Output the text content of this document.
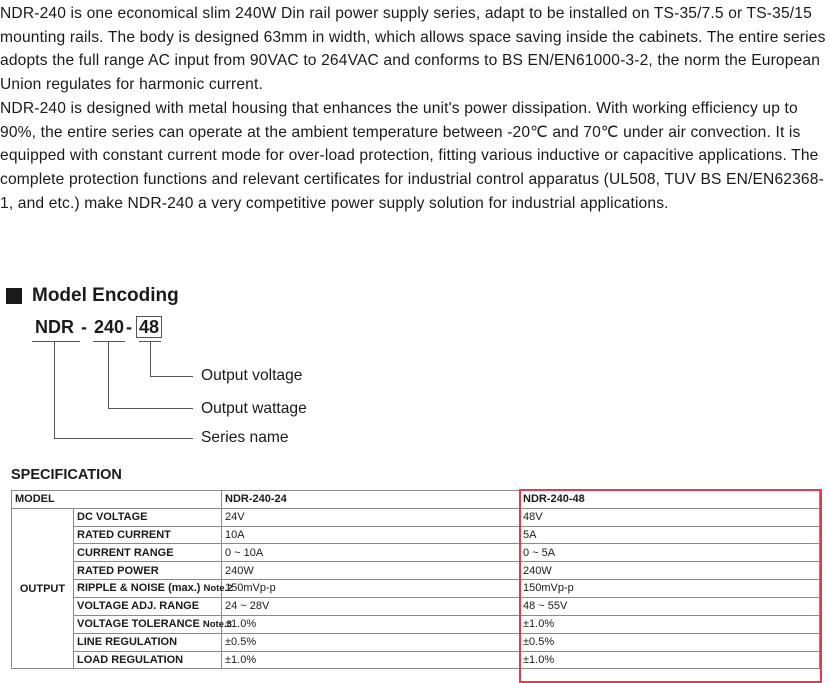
NDR-240 is one economical slim 240W Din rail power supply series, adapt to be installed on TS-35/7.5 or TS-35/15 mounting rails. The body is designed 63mm in width, which allows space saving inside the cabinets. The entire series adopts the full range AC input from 90VAC to 264VAC and conforms to BS EN/EN61000-3-2, the norm the European Union regulates for harmonic current.

NDR-240 is designed with metal housing that enhances the unit's power dissipation. With working efficiency up to 90%, the entire series can operate at the ambient temperature between -20℃ and 70℃ under air convection. It is equipped with constant current mode for over-load protection, fitting various inductive or capacitive applications. The complete protection functions and relevant certificates for industrial control apparatus (UL508, TUV BS EN/EN62368-1, and etc.) make NDR-240 a very competitive power supply solution for industrial applications.

Model Encoding
NDR - 240 - 48
Output voltage
Output wattage
Series name
SPECIFICATION
MODEL		NDR-240-24	NDR-240-48
OUTPUT	DC VOLTAGE	24V	48V
	RATED CURRENT	10A	5A
	CURRENT RANGE	0 ~ 10A	0 ~ 5A
	RATED POWER	240W	240W
	RIPPLE & NOISE (max.) Note.2	150mVp-p	150mVp-p
	VOLTAGE ADJ. RANGE	24 ~ 28V	48 ~ 55V
	VOLTAGE TOLERANCE Note.3	±1.0%	±1.0%
	LINE REGULATION	±0.5%	±0.5%
	LOAD REGULATION	±1.0%	±1.0%
